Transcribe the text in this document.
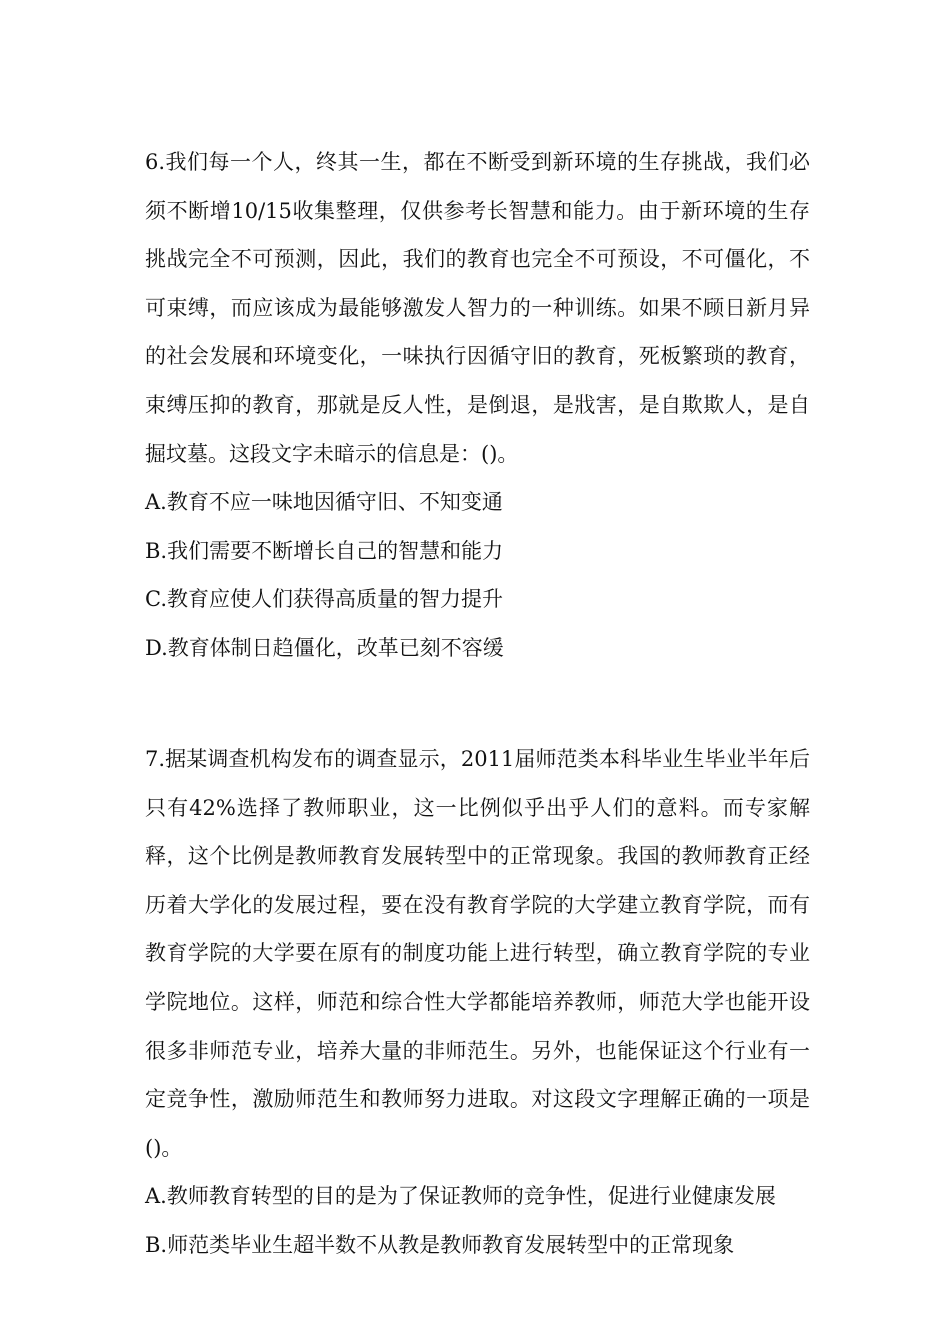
6.我们每一个人，终其一生，都在不断受到新环境的生存挑战，我们必须不断增10/15收集整理，仅供参考长智慧和能力。由于新环境的生存挑战完全不可预测，因此，我们的教育也完全不可预设，不可僵化，不可束缚，而应该成为最能够激发人智力的一种训练。如果不顾日新月异的社会发展和环境变化，一味执行因循守旧的教育，死板繁琐的教育，束缚压抑的教育，那就是反人性，是倒退，是戕害，是自欺欺人，是自掘坟墓。这段文字未暗示的信息是：()。

A.教育不应一味地因循守旧、不知变通

B.我们需要不断增长自己的智慧和能力

C.教育应使人们获得高质量的智力提升

D.教育体制日趋僵化，改革已刻不容缓

7.据某调查机构发布的调查显示，2011届师范类本科毕业生毕业半年后只有42%选择了教师职业，这一比例似乎出乎人们的意料。而专家解释，这个比例是教师教育发展转型中的正常现象。我国的教师教育正经历着大学化的发展过程，要在没有教育学院的大学建立教育学院，而有教育学院的大学要在原有的制度功能上进行转型，确立教育学院的专业学院地位。这样，师范和综合性大学都能培养教师，师范大学也能开设很多非师范专业，培养大量的非师范生。另外，也能保证这个行业有一定竞争性，激励师范生和教师努力进取。对这段文字理解正确的一项是()。

A.教师教育转型的目的是为了保证教师的竞争性，促进行业健康发展

B.师范类毕业生超半数不从教是教师教育发展转型中的正常现象
